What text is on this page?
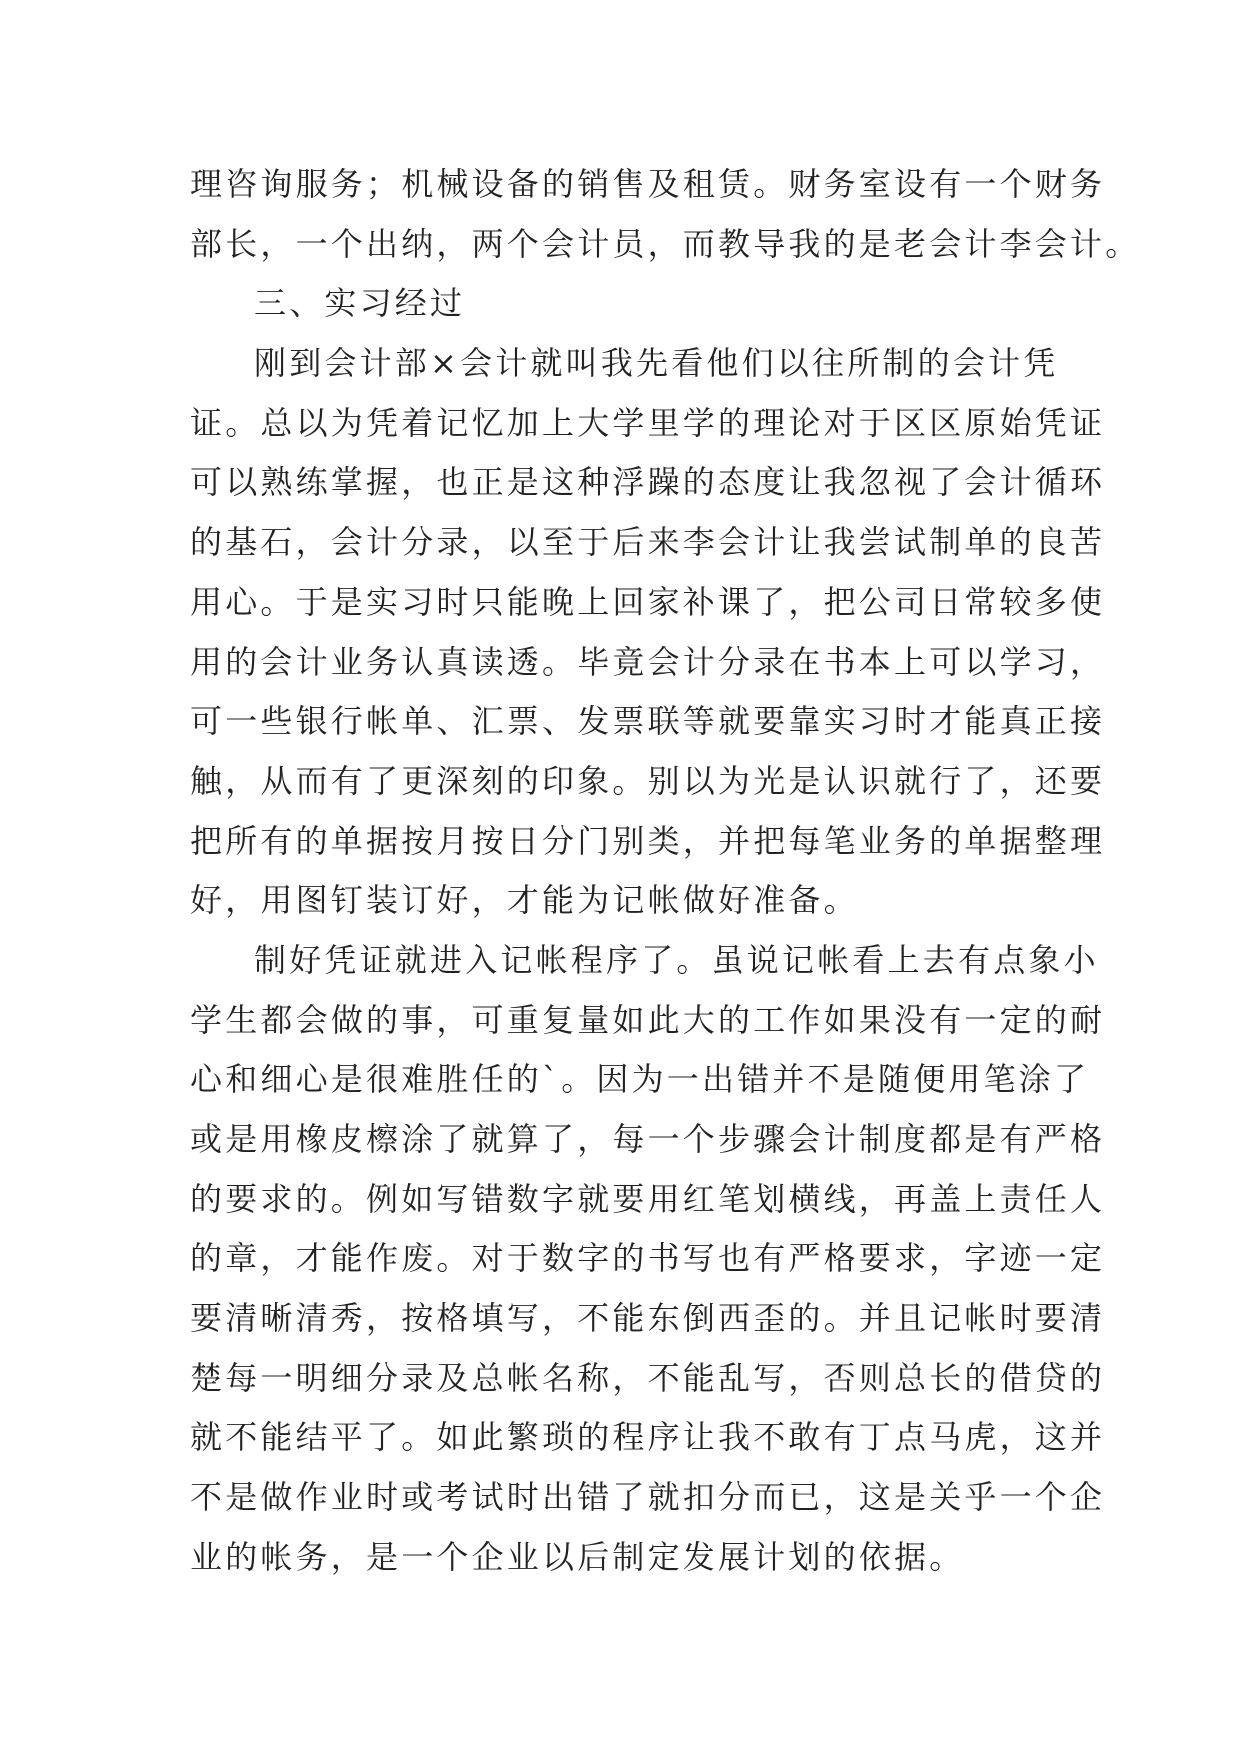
理咨询服务；机械设备的销售及租赁。财务室设有一个财务
部长，一个出纳，两个会计员，而教导我的是老会计李会计。
三、实习经过
刚到会计部×会计就叫我先看他们以往所制的会计凭
证。总以为凭着记忆加上大学里学的理论对于区区原始凭证
可以熟练掌握，也正是这种浮躁的态度让我忽视了会计循环
的基石，会计分录，以至于后来李会计让我尝试制单的良苦
用心。于是实习时只能晚上回家补课了，把公司日常较多使
用的会计业务认真读透。毕竟会计分录在书本上可以学习，
可一些银行帐单、汇票、发票联等就要靠实习时才能真正接
触，从而有了更深刻的印象。别以为光是认识就行了，还要
把所有的单据按月按日分门别类，并把每笔业务的单据整理
好，用图钉装订好，才能为记帐做好准备。
制好凭证就进入记帐程序了。虽说记帐看上去有点象小
学生都会做的事，可重复量如此大的工作如果没有一定的耐
心和细心是很难胜任的`。因为一出错并不是随便用笔涂了
或是用橡皮檫涂了就算了，每一个步骤会计制度都是有严格
的要求的。例如写错数字就要用红笔划横线，再盖上责任人
的章，才能作废。对于数字的书写也有严格要求，字迹一定
要清晰清秀，按格填写，不能东倒西歪的。并且记帐时要清
楚每一明细分录及总帐名称，不能乱写，否则总长的借贷的
就不能结平了。如此繁琐的程序让我不敢有丁点马虎，这并
不是做作业时或考试时出错了就扣分而已，这是关乎一个企
业的帐务，是一个企业以后制定发展计划的依据。
